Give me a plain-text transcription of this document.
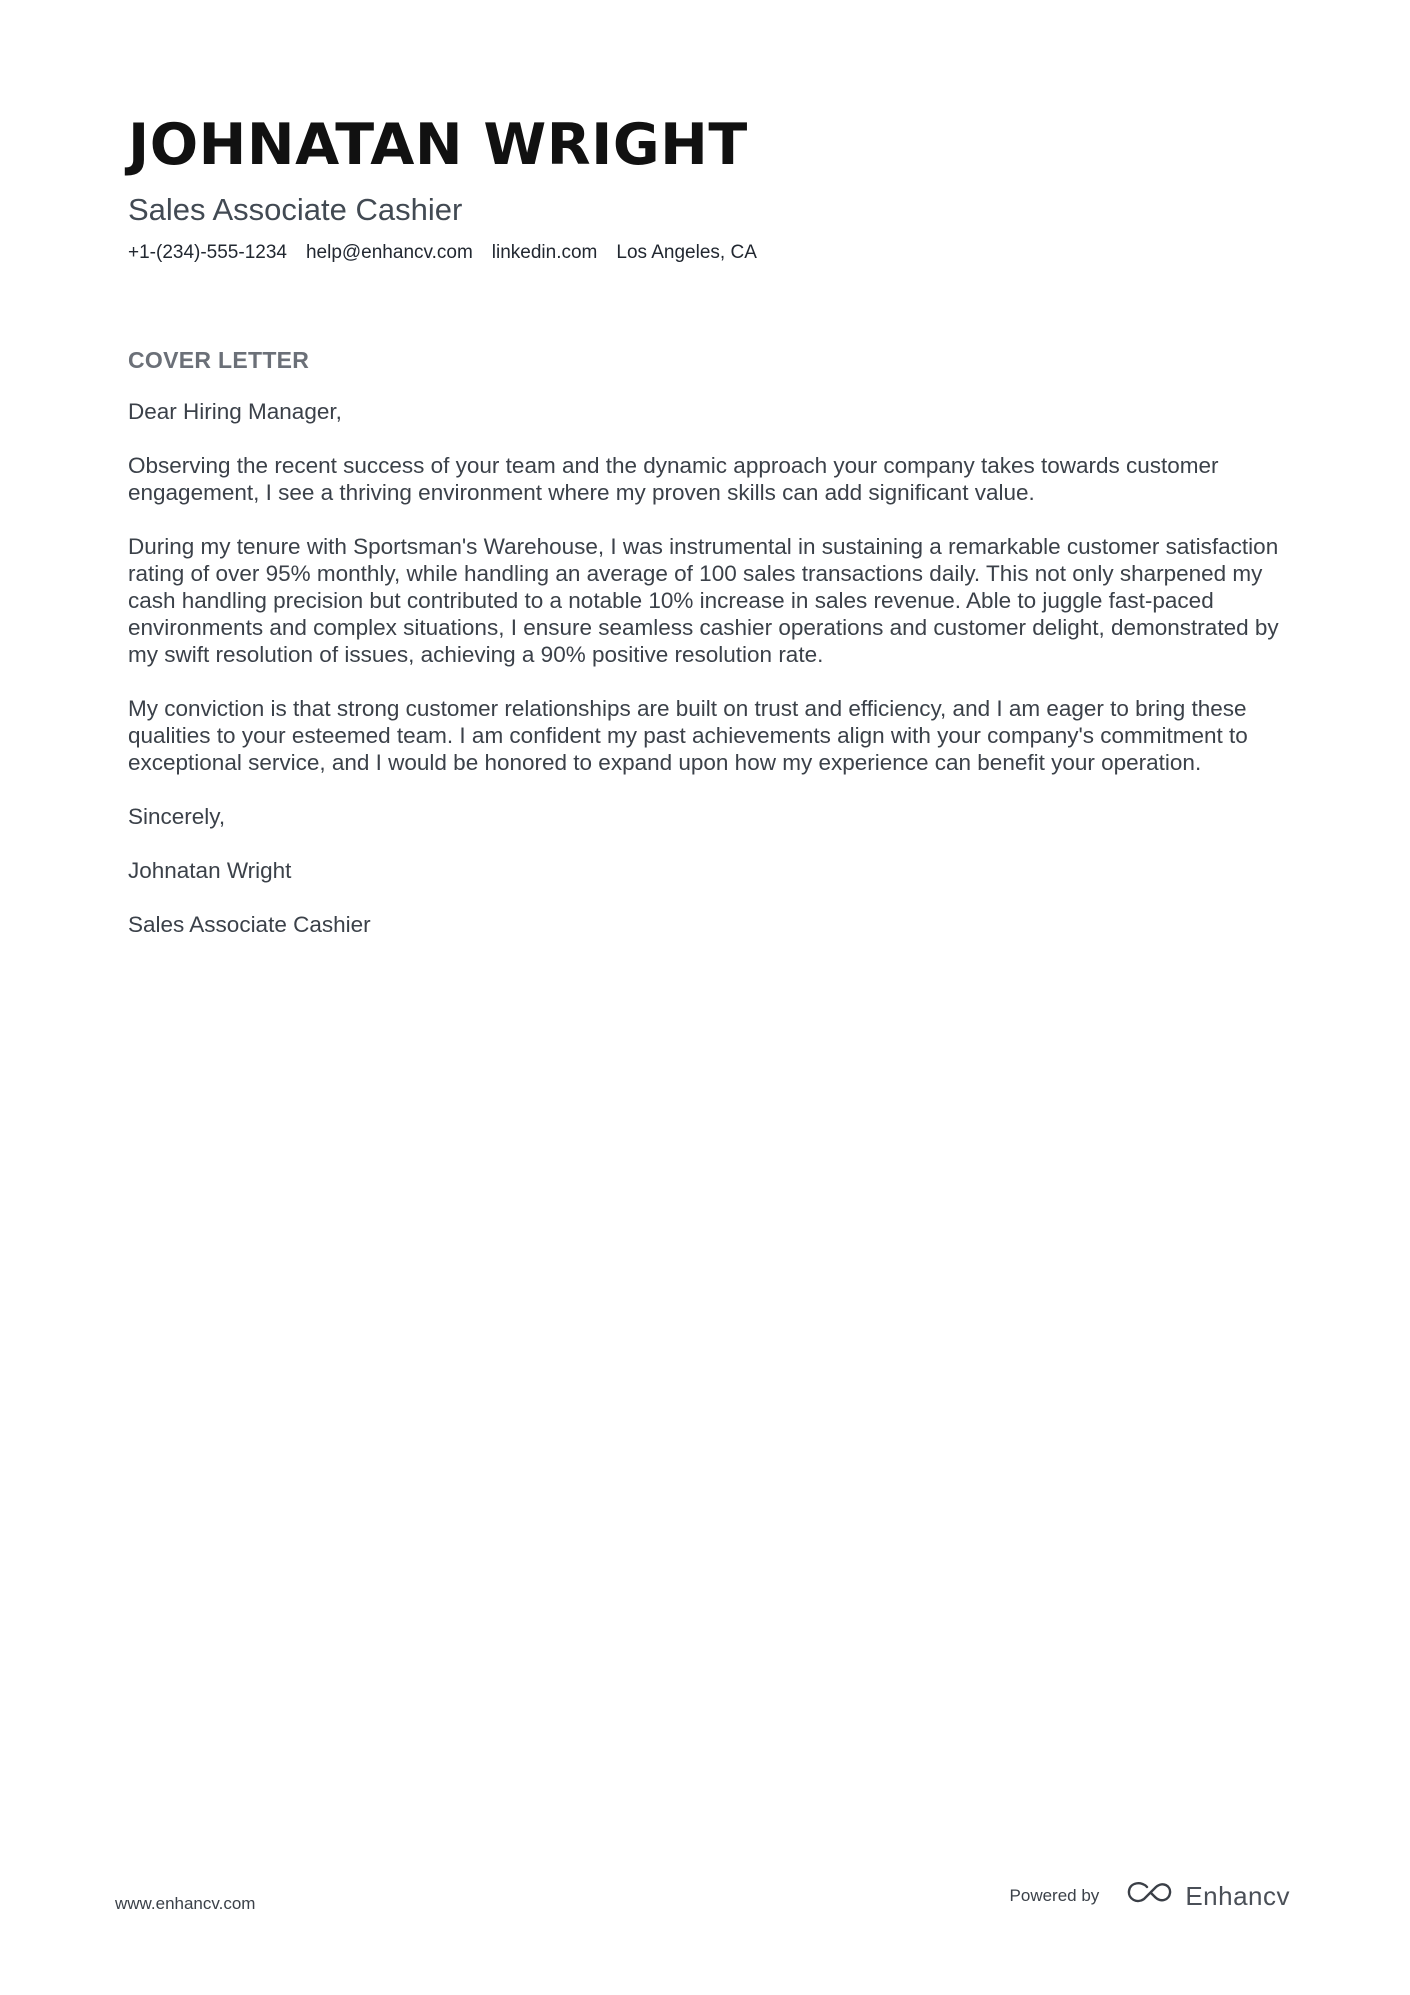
JOHNATAN WRIGHT
Sales Associate Cashier
+1-(234)-555-1234 help@enhancv.com linkedin.com Los Angeles, CA
COVER LETTER

Dear Hiring Manager,

Observing the recent success of your team and the dynamic approach your company takes towards customer engagement, I see a thriving environment where my proven skills can add significant value.

During my tenure with Sportsman's Warehouse, I was instrumental in sustaining a remarkable customer satisfaction rating of over 95% monthly, while handling an average of 100 sales transactions daily. This not only sharpened my cash handling precision but contributed to a notable 10% increase in sales revenue. Able to juggle fast-paced environments and complex situations, I ensure seamless cashier operations and customer delight, demonstrated by my swift resolution of issues, achieving a 90% positive resolution rate.

My conviction is that strong customer relationships are built on trust and efficiency, and I am eager to bring these qualities to your esteemed team. I am confident my past achievements align with your company's commitment to exceptional service, and I would be honored to expand upon how my experience can benefit your operation.

Sincerely,

Johnatan Wright

Sales Associate Cashier

www.enhancv.com	Powered by	Enhancv
